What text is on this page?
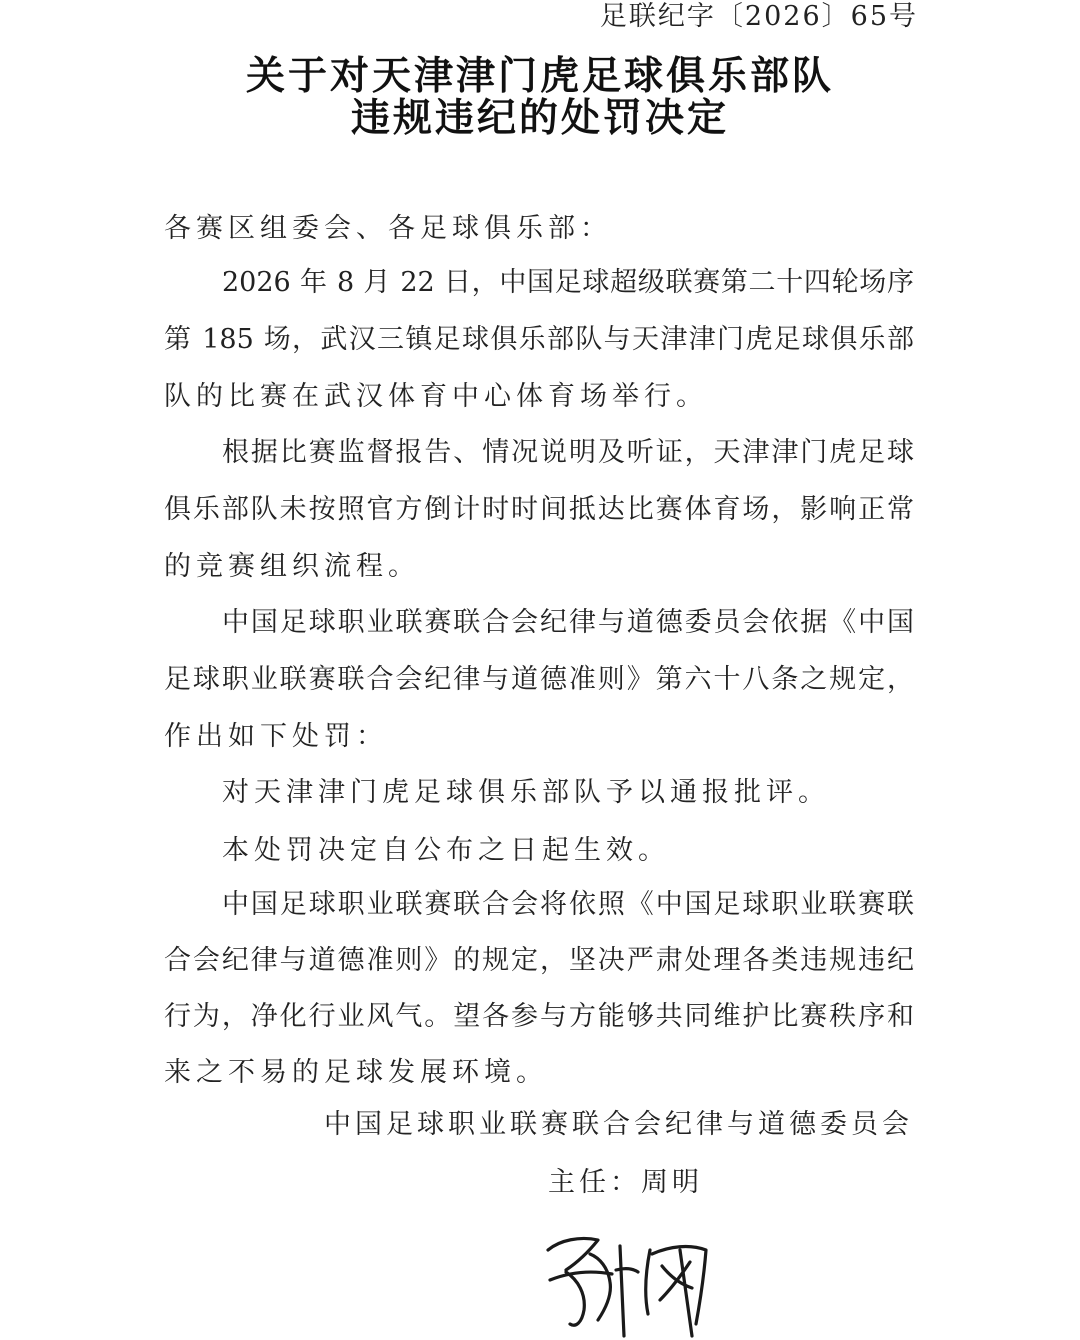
足联纪字〔2026〕65号
关于对天津津门虎足球俱乐部队
违规违纪的处罚决定
各赛区组委会、各足球俱乐部：
2026 年 8 月 22 日，中国足球超级联赛第二十四轮场序
第 185 场，武汉三镇足球俱乐部队与天津津门虎足球俱乐部
队的比赛在武汉体育中心体育场举行。
根据比赛监督报告、情况说明及听证，天津津门虎足球
俱乐部队未按照官方倒计时时间抵达比赛体育场，影响正常
的竞赛组织流程。
中国足球职业联赛联合会纪律与道德委员会依据《中国
足球职业联赛联合会纪律与道德准则》第六十八条之规定，
作出如下处罚：
对天津津门虎足球俱乐部队予以通报批评。
本处罚决定自公布之日起生效。
中国足球职业联赛联合会将依照《中国足球职业联赛联
合会纪律与道德准则》的规定，坚决严肃处理各类违规违纪
行为，净化行业风气。望各参与方能够共同维护比赛秩序和
来之不易的足球发展环境。
中国足球职业联赛联合会纪律与道德委员会
主任：周明
